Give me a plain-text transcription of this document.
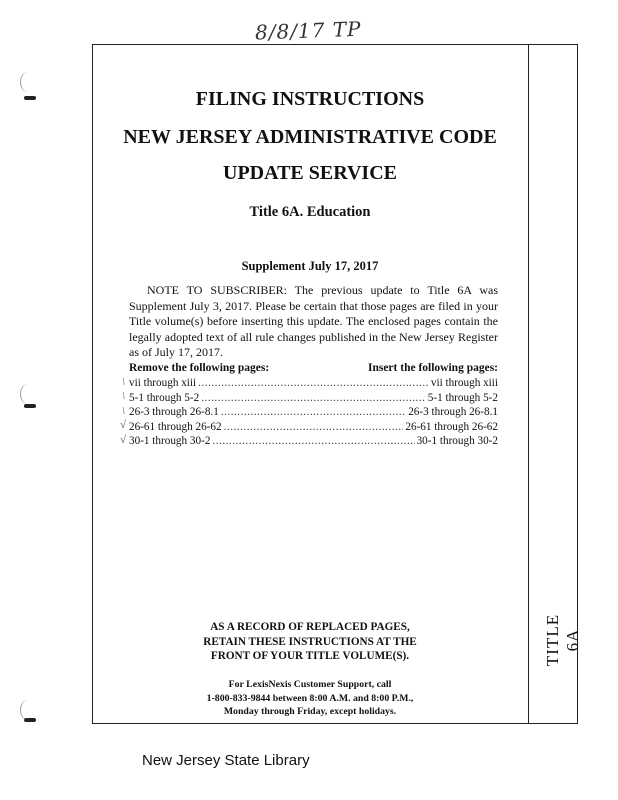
8/8/17 TP
TITLE 6A
FILING INSTRUCTIONS
NEW JERSEY ADMINISTRATIVE CODE
UPDATE SERVICE
Title 6A. Education
Supplement July 17, 2017
NOTE TO SUBSCRIBER: The previous update to Title 6A was Supplement July 3, 2017. Please be certain that those pages are filed in your Title volume(s) before inserting this update. The enclosed pages contain the legally adopted text of all rule changes published in the New Jersey Register as of July 17, 2017.
Remove the following pages:	Insert the following pages:
vii through xiii .....	vii through xiii
5-1 through 5-2 .....	5-1 through 5-2
26-3 through 26-8.1 .....	26-3 through 26-8.1
26-61 through 26-62 .....	26-61 through 26-62
30-1 through 30-2 .....	30-1 through 30-2
\
\
\
√
√
AS A RECORD OF REPLACED PAGES,
RETAIN THESE INSTRUCTIONS AT THE
FRONT OF YOUR TITLE VOLUME(S).
For LexisNexis Customer Support, call
1-800-833-9844 between 8:00 A.M. and 8:00 P.M.,
Monday through Friday, except holidays.
New Jersey State Library
